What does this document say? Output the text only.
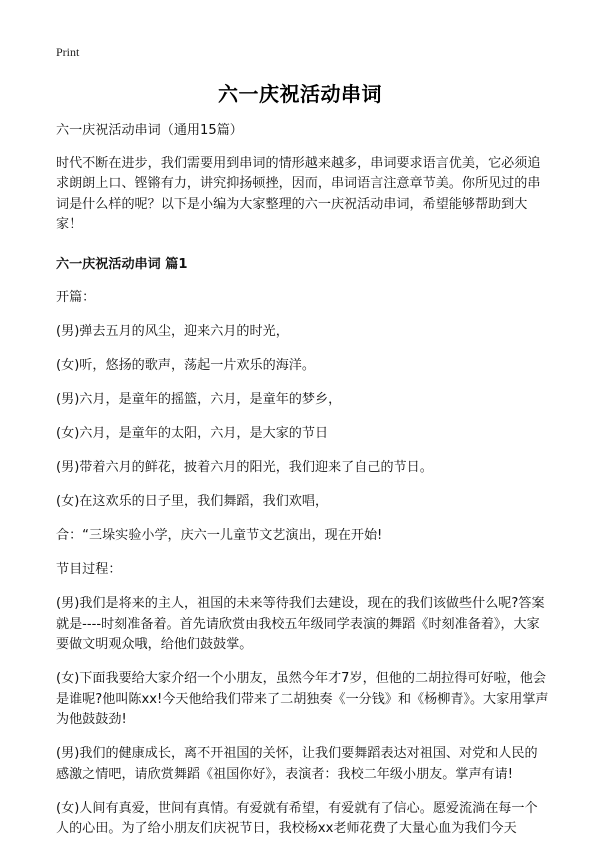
Print
六一庆祝活动串词

六一庆祝活动串词（通用15篇）

时代不断在进步，我们需要用到串词的情形越来越多，串词要求语言优美，它必须追求朗朗上口、铿锵有力，讲究抑扬顿挫，因而，串词语言注意章节美。你所见过的串词是什么样的呢？以下是小编为大家整理的六一庆祝活动串词，希望能够帮助到大家！

六一庆祝活动串词 篇1

开篇：

(男)弹去五月的风尘，迎来六月的时光，

(女)听，悠扬的歌声，荡起一片欢乐的海洋。

(男)六月，是童年的摇篮，六月，是童年的梦乡，

(女)六月，是童年的太阳，六月，是大家的节日

(男)带着六月的鲜花，披着六月的阳光，我们迎来了自己的节日。

(女)在这欢乐的日子里，我们舞蹈，我们欢唱，

合：“三垛实验小学，庆六一儿童节文艺演出，现在开始!

节目过程：

(男)我们是将来的主人，祖国的未来等待我们去建设，现在的我们该做些什么呢?答案就是----时刻准备着。首先请欣赏由我校五年级同学表演的舞蹈《时刻准备着》，大家要做文明观众哦，给他们鼓鼓掌。

(女)下面我要给大家介绍一个小朋友，虽然今年才7岁，但他的二胡拉得可好啦，他会是谁呢?他叫陈xx!今天他给我们带来了二胡独奏《一分钱》和《杨柳青》。大家用掌声为他鼓鼓劲!

(男)我们的健康成长，离不开祖国的关怀，让我们要舞蹈表达对祖国、对党和人民的感激之情吧，请欣赏舞蹈《祖国你好》，表演者：我校二年级小朋友。掌声有请!

(女)人间有真爱，世间有真情。有爱就有希望，有爱就有了信心。愿爱流淌在每一个人的心田。为了给小朋友们庆祝节日，我校杨xx老师花费了大量心血为我们今天
